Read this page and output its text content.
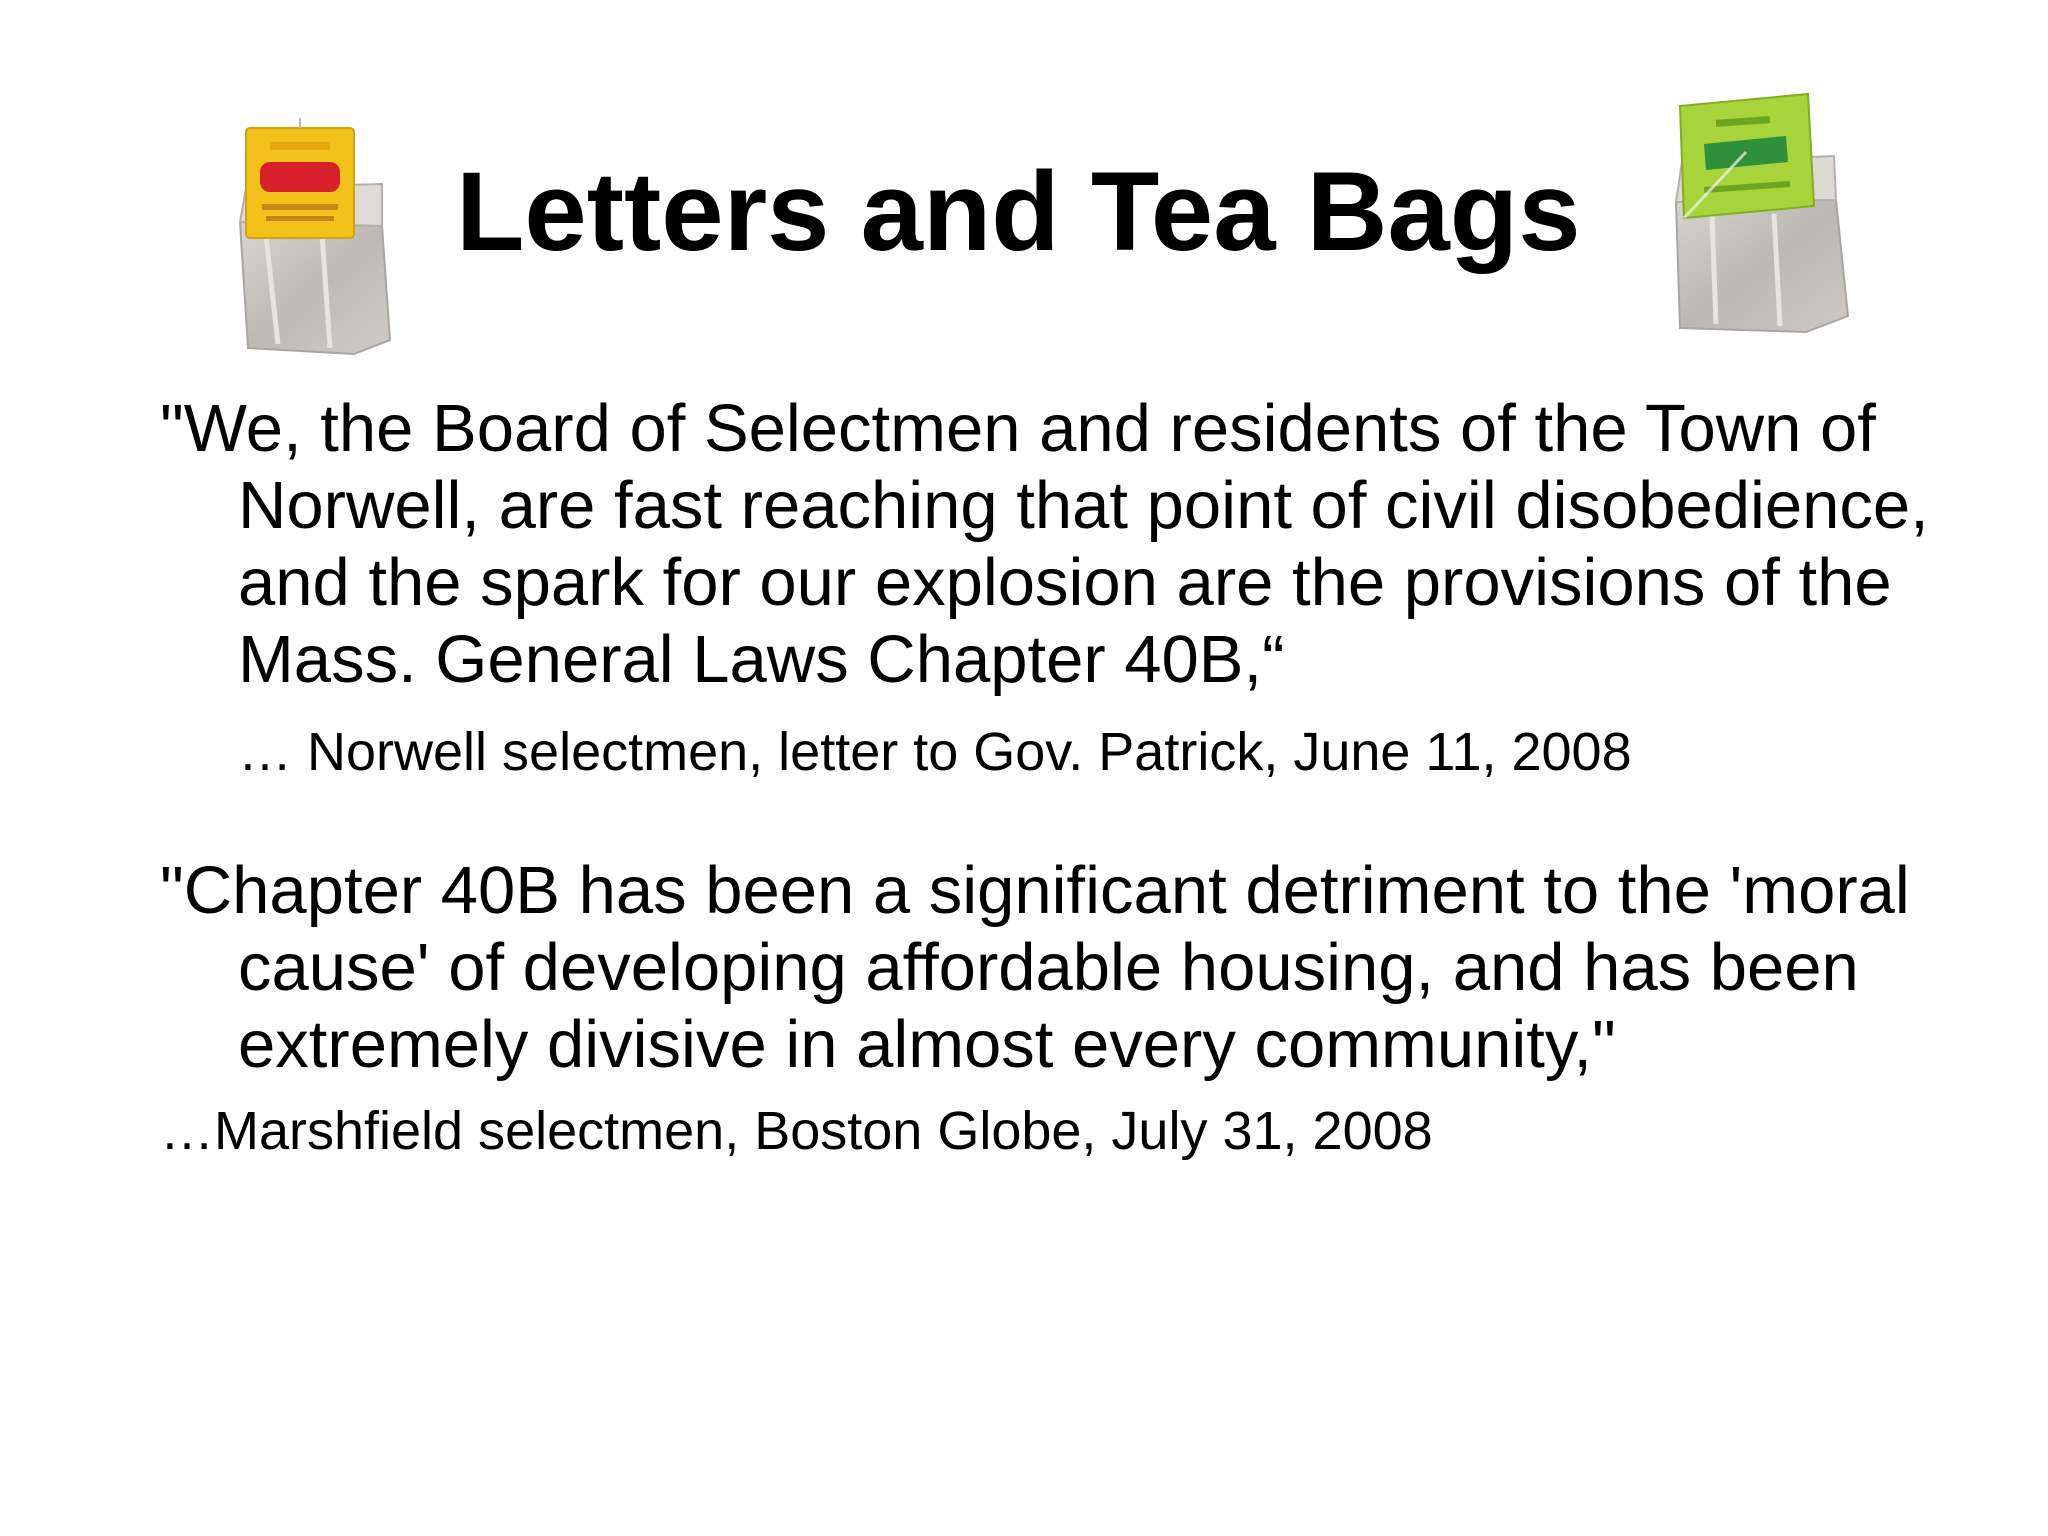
Letters and Tea Bags

"We, the Board of Selectmen and residents of the Town of Norwell, are fast reaching that point of civil disobedience, and the spark for our explosion are the provisions of the Mass. General Laws Chapter 40B,“

… Norwell selectmen, letter to Gov. Patrick, June 11, 2008

"Chapter 40B has been a significant detriment to the 'moral cause' of developing affordable housing, and has been extremely divisive in almost every community,"

…Marshfield selectmen, Boston Globe, July 31, 2008
